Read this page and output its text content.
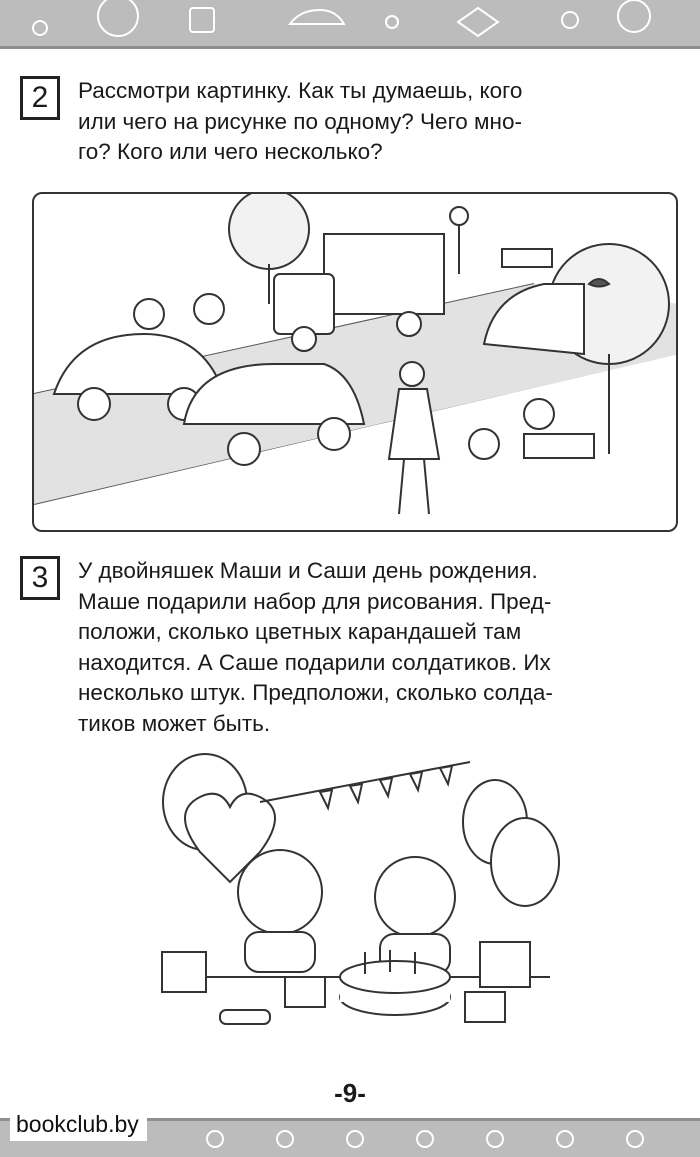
2	Рассмотри картинку. Как ты думаешь, кого

или чего на рисунке по одному? Чего мно-

го? Кого или чего несколько?

3	У двойняшек Маши и Саши день рождения.

Маше подарили набор для рисования. Пред-

положи, сколько цветных карандашей там

находится. А Саше подарили солдатиков. Их

несколько штук. Предположи, сколько солда-

тиков может быть.

-9-
bookclub.by
